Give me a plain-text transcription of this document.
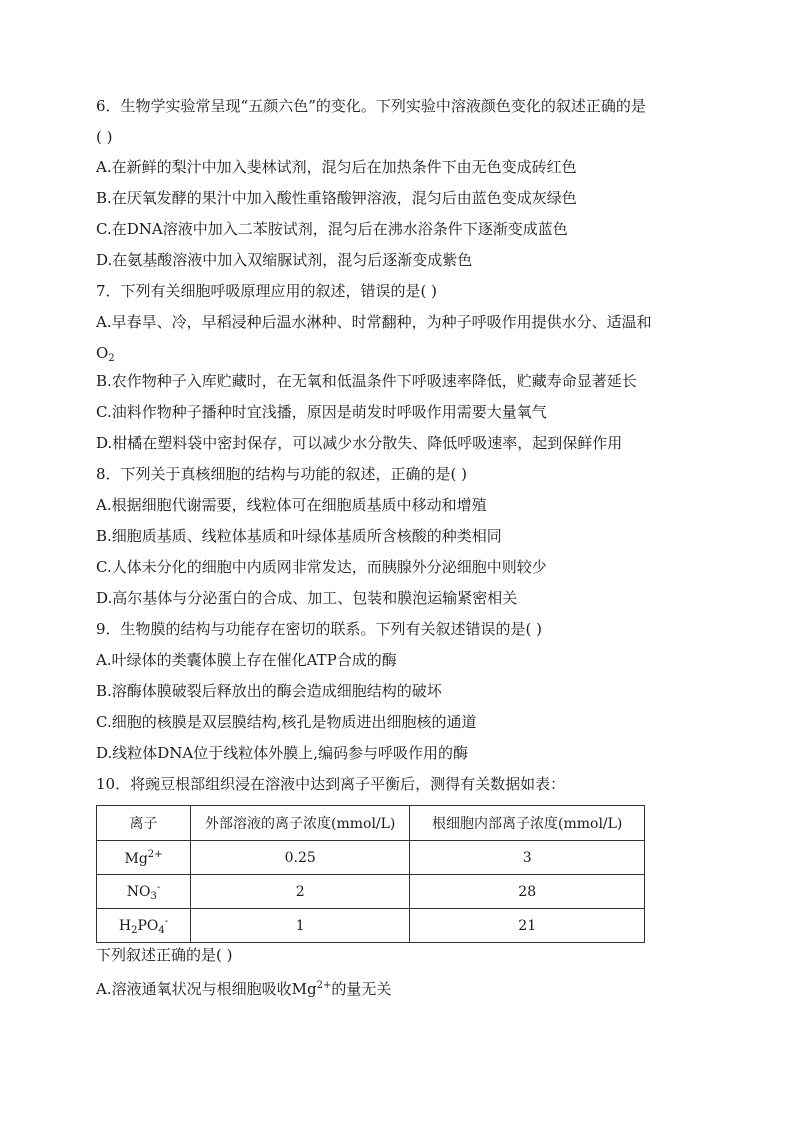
6．生物学实验常呈现“五颜六色”的变化。下列实验中溶液颜色变化的叙述正确的是
( )
A.在新鲜的梨汁中加入斐林试剂，混匀后在加热条件下由无色变成砖红色
B.在厌氧发酵的果汁中加入酸性重铬酸钾溶液，混匀后由蓝色变成灰绿色
C.在DNA溶液中加入二苯胺试剂，混匀后在沸水浴条件下逐渐变成蓝色
D.在氨基酸溶液中加入双缩脲试剂，混匀后逐渐变成紫色
7．下列有关细胞呼吸原理应用的叙述，错误的是( )
A.早春旱、冷，早稻浸种后温水淋种、时常翻种，为种子呼吸作用提供水分、适温和
$O_2$
B.农作物种子入库贮藏时，在无氧和低温条件下呼吸速率降低，贮藏寿命显著延长
C.油料作物种子播种时宜浅播，原因是萌发时呼吸作用需要大量氧气
D.柑橘在塑料袋中密封保存，可以减少水分散失、降低呼吸速率，起到保鲜作用
8．下列关于真核细胞的结构与功能的叙述，正确的是( )
A.根据细胞代谢需要，线粒体可在细胞质基质中移动和增殖
B.细胞质基质、线粒体基质和叶绿体基质所含核酸的种类相同
C.人体未分化的细胞中内质网非常发达，而胰腺外分泌细胞中则较少
D.高尔基体与分泌蛋白的合成、加工、包装和膜泡运输紧密相关
9．生物膜的结构与功能存在密切的联系。下列有关叙述错误的是( )
A.叶绿体的类囊体膜上存在催化ATP合成的酶
B.溶酶体膜破裂后释放出的酶会造成细胞结构的破坏
C.细胞的核膜是双层膜结构,核孔是物质进出细胞核的通道
D.线粒体DNA位于线粒体外膜上,编码参与呼吸作用的酶
10．将豌豆根部组织浸在溶液中达到离子平衡后，测得有关数据如表：
离子	外部溶液的离子浓度(mmol/L)	根细胞内部离子浓度(mmol/L)
$Mg^{2+}$	0.25	3
$NO_3^-$	2	28
$H_2PO_4^-$	1	21
下列叙述正确的是( )
A.溶液通氧状况与根细胞吸收$Mg^{2+}$的量无关
